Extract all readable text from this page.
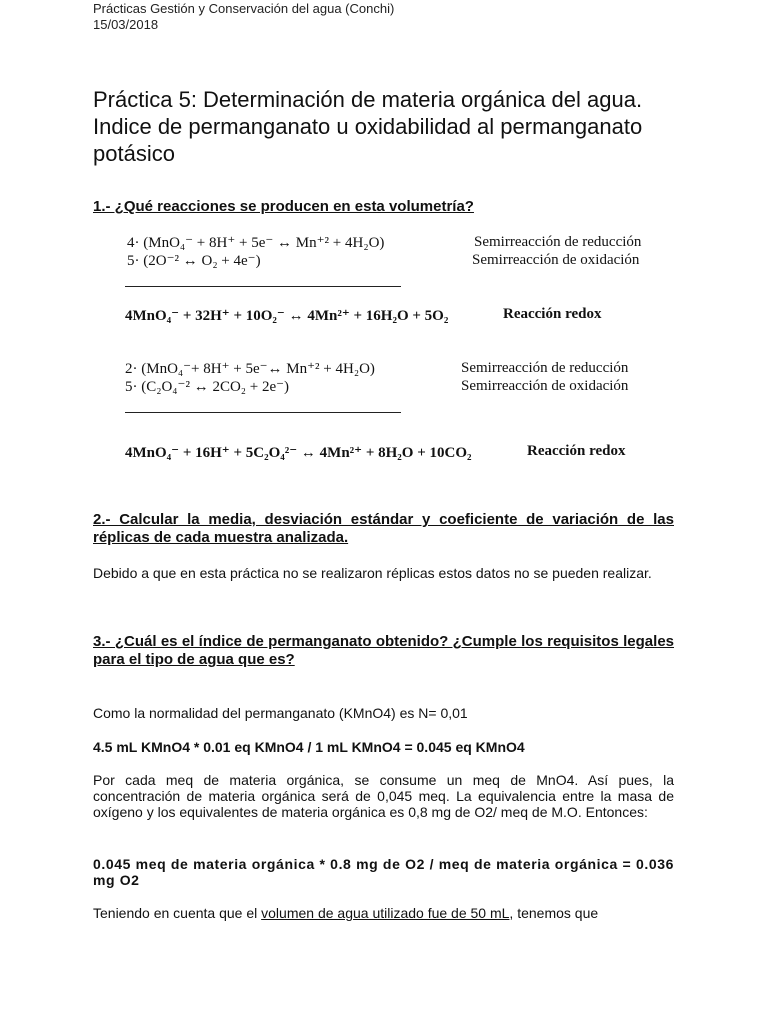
Prácticas Gestión y Conservación del agua (Conchi)
15/03/2018
Práctica 5: Determinación de materia orgánica del agua.
Indice de permanganato u oxidabilidad al permanganato
potásico
1.- ¿Qué reacciones se producen en esta volumetría?
4· (MnO₄⁻ + 8H⁺ + 5e⁻ ↔ Mn⁺² + 4H₂O)	Semirreacción de reducción
5· (2O⁻² ↔ O₂ + 4e⁻)	Semirreacción de oxidación
4MnO₄⁻ + 32H⁺ + 10O₂⁻ ↔ 4Mn²⁺ + 16H₂O + 5O₂	Reacción redox
2· (MnO₄⁻+ 8H⁺ + 5e⁻↔ Mn⁺² + 4H₂O)	Semirreacción de reducción
5· (C₂O₄⁻² ↔ 2CO₂ + 2e⁻)	Semirreacción de oxidación
4MnO₄⁻ + 16H⁺ + 5C₂O₄²⁻ ↔ 4Mn²⁺ + 8H₂O + 10CO₂	Reacción redox
2.- Calcular la media, desviación estándar y coeficiente de variación de las réplicas de cada muestra analizada.
Debido a que en esta práctica no se realizaron réplicas estos datos no se pueden realizar.
3.- ¿Cuál es el índice de permanganato obtenido? ¿Cumple los requisitos legales para el tipo de agua que es?
Como la normalidad del permanganato (KMnO4) es N= 0,01
4.5 mL KMnO4 * 0.01 eq KMnO4 / 1 mL KMnO4 = 0.045 eq KMnO4
Por cada meq de materia orgánica, se consume un meq de MnO4. Así pues, la concentración de materia orgánica será de 0,045 meq. La equivalencia entre la masa de oxígeno y los equivalentes de materia orgánica es 0,8 mg de O2/ meq de M.O. Entonces:
0.045 meq de materia orgánica * 0.8 mg de O2 / meq de materia orgánica = 0.036 mg O2
Teniendo en cuenta que el volumen de agua utilizado fue de 50 mL, tenemos que
